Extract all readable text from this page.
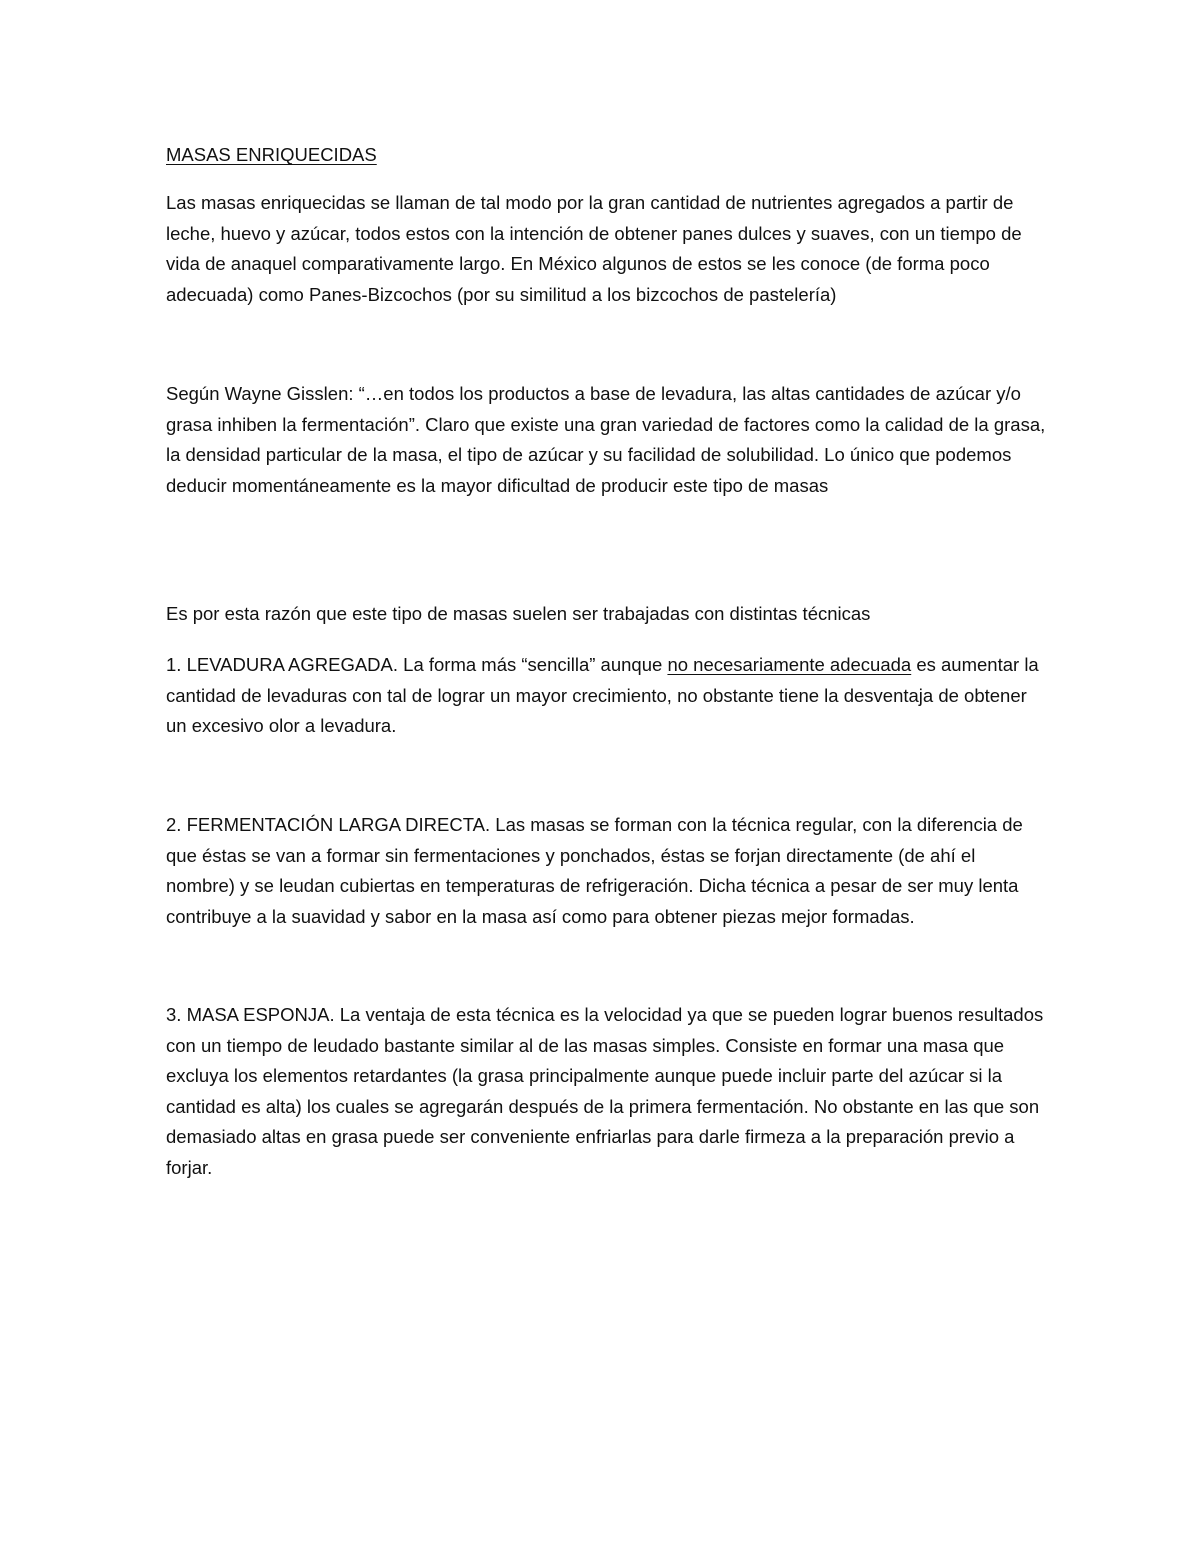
MASAS ENRIQUECIDAS

Las masas enriquecidas se llaman de tal modo por la gran cantidad de nutrientes agregados a partir de leche, huevo y azúcar, todos estos con la intención de obtener panes dulces y suaves, con un tiempo de vida de anaquel comparativamente largo. En México algunos de estos se les conoce (de forma poco adecuada) como Panes-Bizcochos (por su similitud a los bizcochos de pastelería)

Según Wayne Gisslen: “…en todos los productos a base de levadura, las altas cantidades de azúcar y/o grasa inhiben la fermentación”. Claro que existe una gran variedad de factores como la calidad de la grasa, la densidad particular de la masa, el tipo de azúcar y su facilidad de solubilidad. Lo único que podemos deducir momentáneamente es la mayor dificultad de producir este tipo de masas

Es por esta razón que este tipo de masas suelen ser trabajadas con distintas técnicas

1. LEVADURA AGREGADA. La forma más “sencilla” aunque no necesariamente adecuada es aumentar la cantidad de levaduras con tal de lograr un mayor crecimiento, no obstante tiene la desventaja de obtener un excesivo olor a levadura.

2. FERMENTACIÓN LARGA DIRECTA. Las masas se forman con la técnica regular, con la diferencia de que éstas se van a formar sin fermentaciones y ponchados, éstas se forjan directamente (de ahí el nombre) y se leudan cubiertas en temperaturas de refrigeración. Dicha técnica a pesar de ser muy lenta contribuye a la suavidad y sabor en la masa así como para obtener piezas mejor formadas.

3. MASA ESPONJA. La ventaja de esta técnica es la velocidad ya que se pueden lograr buenos resultados con un tiempo de leudado bastante similar al de las masas simples. Consiste en formar una masa que excluya los elementos retardantes (la grasa principalmente aunque puede incluir parte del azúcar si la cantidad es alta) los cuales se agregarán después de la primera fermentación. No obstante en las que son demasiado altas en grasa puede ser conveniente enfriarlas para darle firmeza a la preparación previo a forjar.
